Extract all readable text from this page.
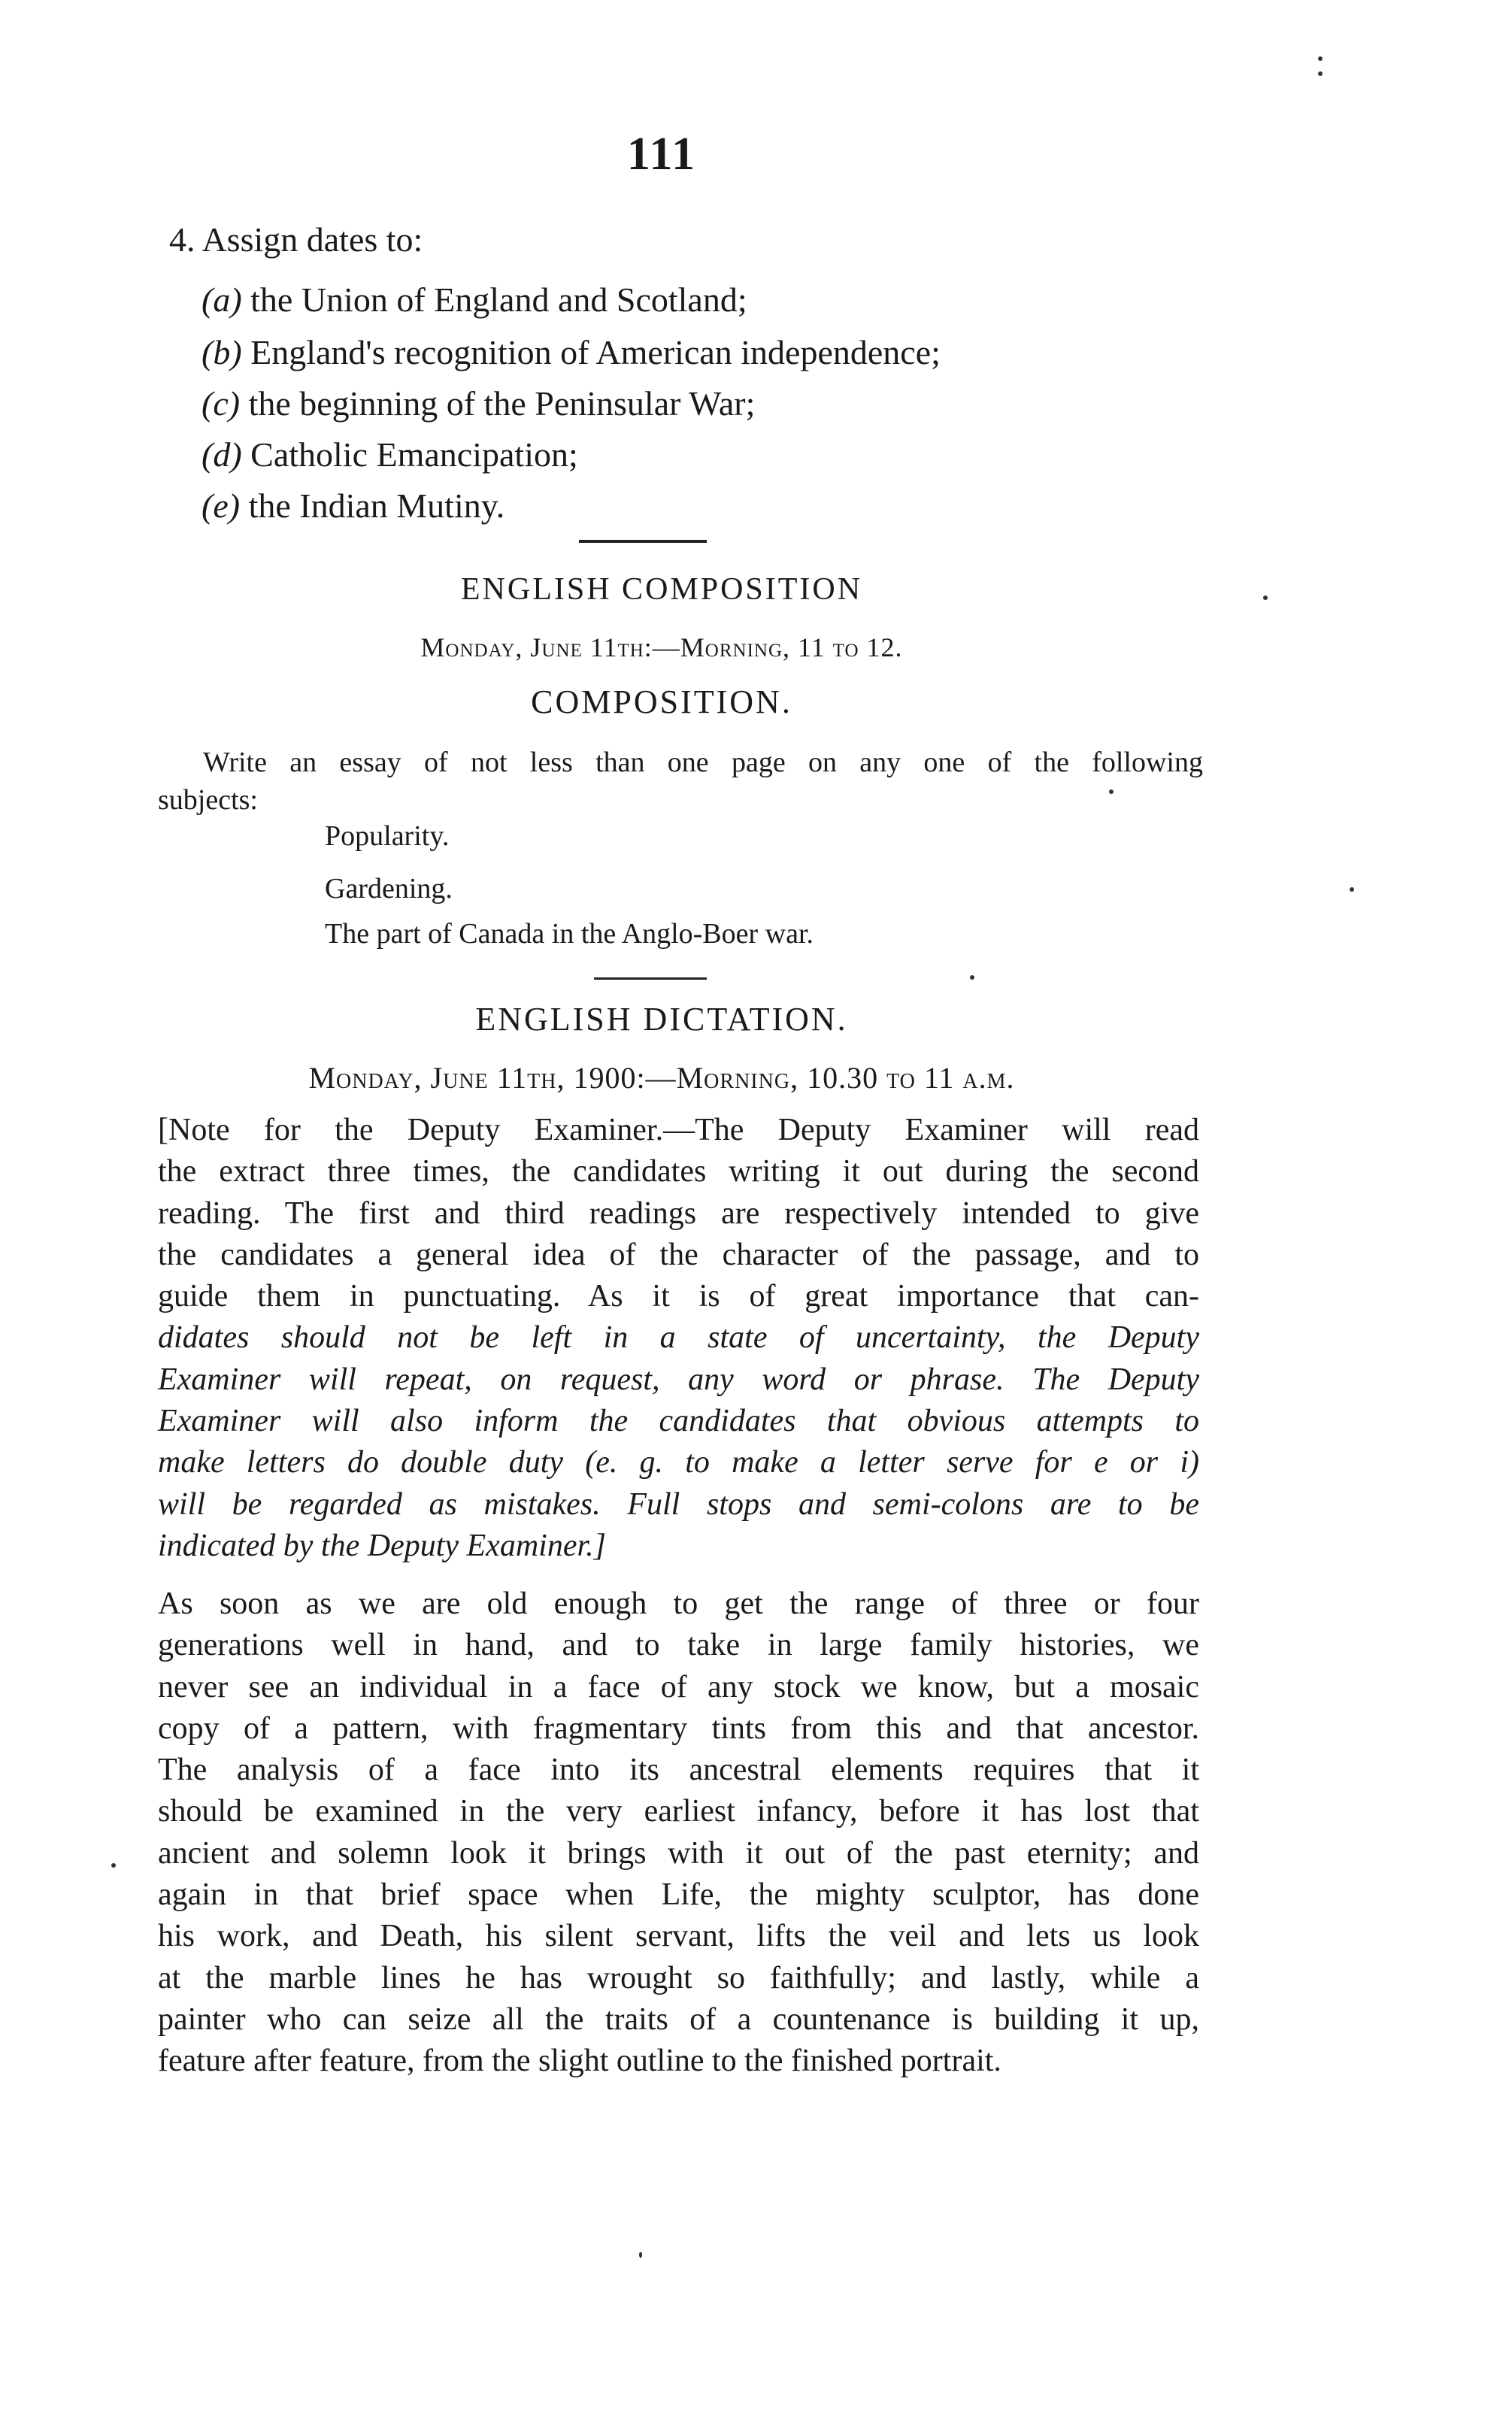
111
4. Assign dates to:
(a) the Union of England and Scotland;
(b) England's recognition of American independence;
(c) the beginning of the Peninsular War;
(d) Catholic Emancipation;
(e) the Indian Mutiny.
ENGLISH COMPOSITION
Monday, June 11th:—Morning, 11 to 12.
COMPOSITION.
Write an essay of not less than one page on any one of the following
subjects:
Popularity.
Gardening.
The part of Canada in the Anglo-Boer war.
ENGLISH DICTATION.
Monday, June 11th, 1900:—Morning, 10.30 to 11 a.m.
[Note for the Deputy Examiner.—The Deputy Examiner will read
the extract three times, the candidates writing it out during the second
reading. The first and third readings are respectively intended to give
the candidates a general idea of the character of the passage, and to
guide them in punctuating. As it is of great importance that can-
didates should not be left in a state of uncertainty, the Deputy
Examiner will repeat, on request, any word or phrase. The Deputy
Examiner will also inform the candidates that obvious attempts to
make letters do double duty (e. g. to make a letter serve for e or i)
will be regarded as mistakes. Full stops and semi-colons are to be
indicated by the Deputy Examiner.]
As soon as we are old enough to get the range of three or four
generations well in hand, and to take in large family histories, we
never see an individual in a face of any stock we know, but a mosaic
copy of a pattern, with fragmentary tints from this and that ancestor.
The analysis of a face into its ancestral elements requires that it
should be examined in the very earliest infancy, before it has lost that
ancient and solemn look it brings with it out of the past eternity; and
again in that brief space when Life, the mighty sculptor, has done
his work, and Death, his silent servant, lifts the veil and lets us look
at the marble lines he has wrought so faithfully; and lastly, while a
painter who can seize all the traits of a countenance is building it up,
feature after feature, from the slight outline to the finished portrait.
